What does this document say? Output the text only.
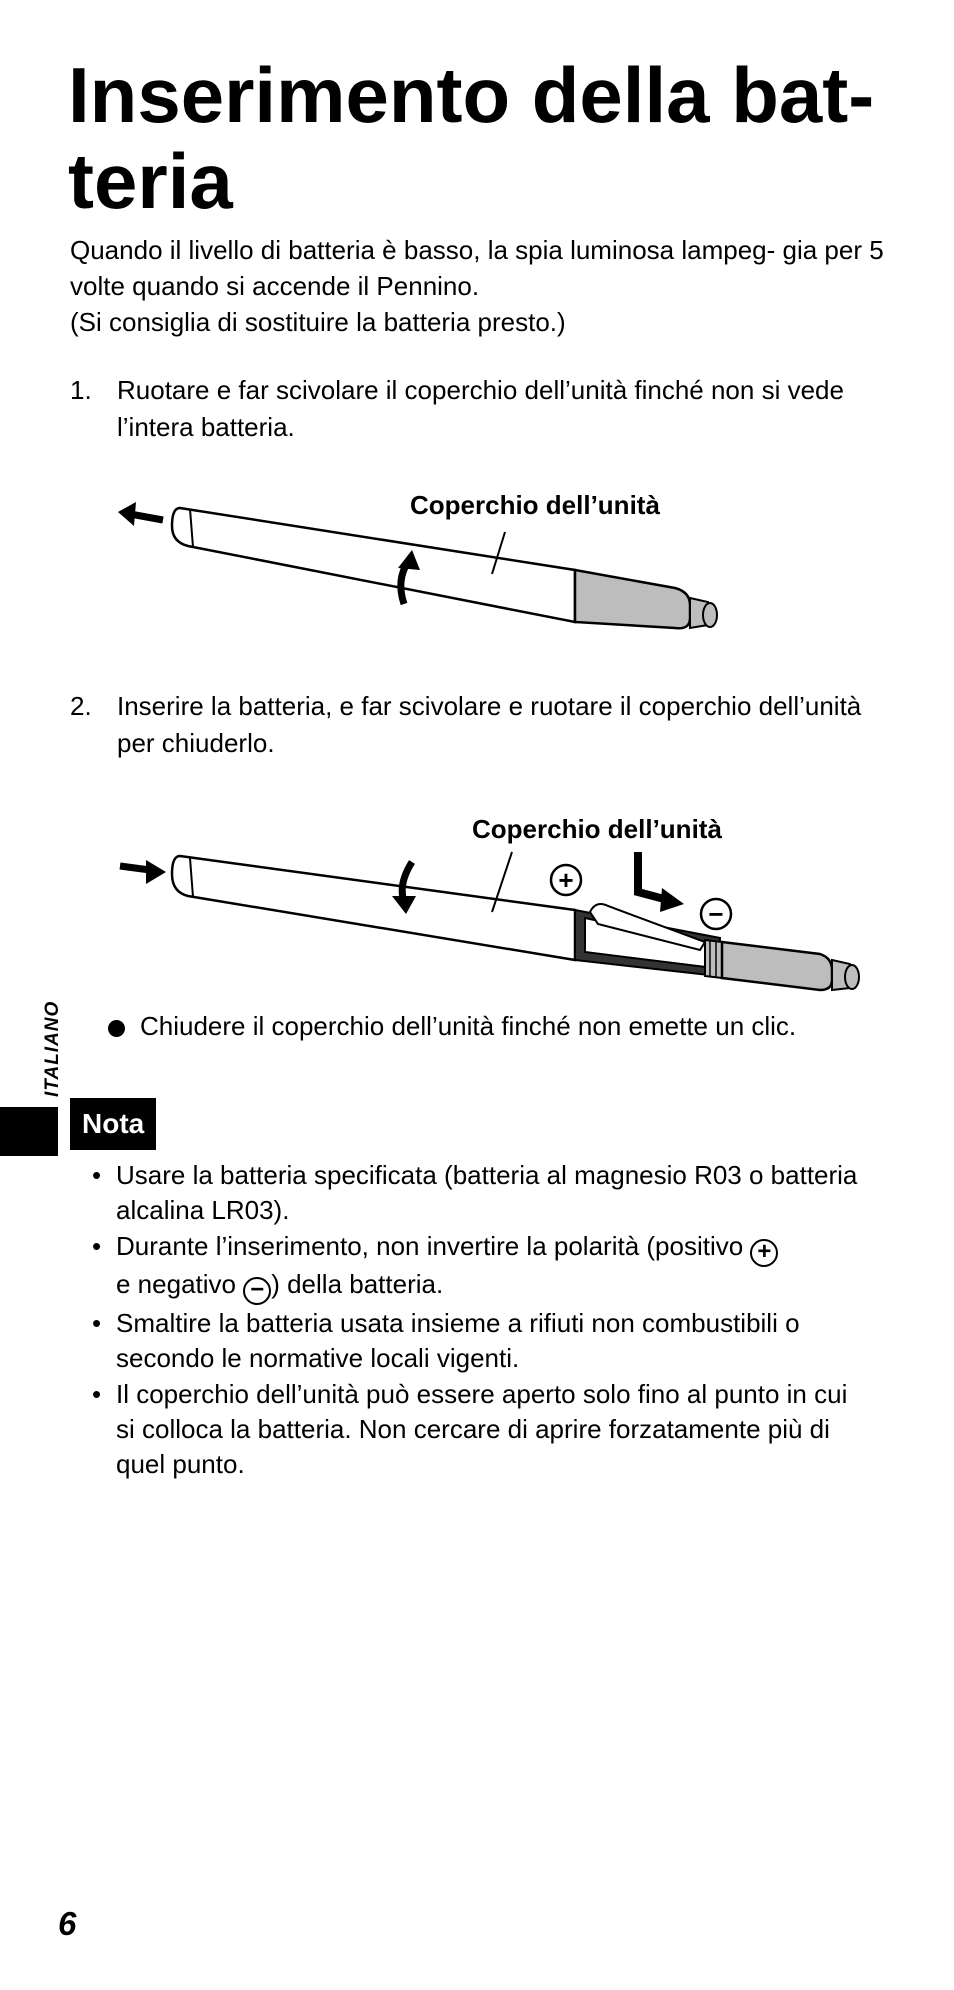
Inserimento della bat- teria

Quando il livello di batteria è basso, la spia luminosa lampeg- gia per 5 volte quando si accende il Pennino.

(Si consiglia di sostituire la batteria presto.)

1. Ruotare e far scivolare il coperchio dell’unità finché non si vede l’intera batteria.
Coperchio dell’unità
2. Inserire la batteria, e far scivolare e ruotare il coperchio dell’unità per chiuderlo.
+
−
Coperchio dell’unità
Chiudere il coperchio dell’unità finché non emette un clic.
ITALIANO
Nota
• Usare la batteria specificata (batteria al magnesio R03 o batteria alcalina LR03).
• Durante l’inserimento, non invertire la polarità (positivo +
e negativo − ) della batteria.
• Smaltire la batteria usata insieme a rifiuti non combustibili o secondo le normative locali vigenti.
• Il coperchio dell’unità può essere aperto solo fino al punto in cui si colloca la batteria. Non cercare di aprire forzatamente più di quel punto.
6
